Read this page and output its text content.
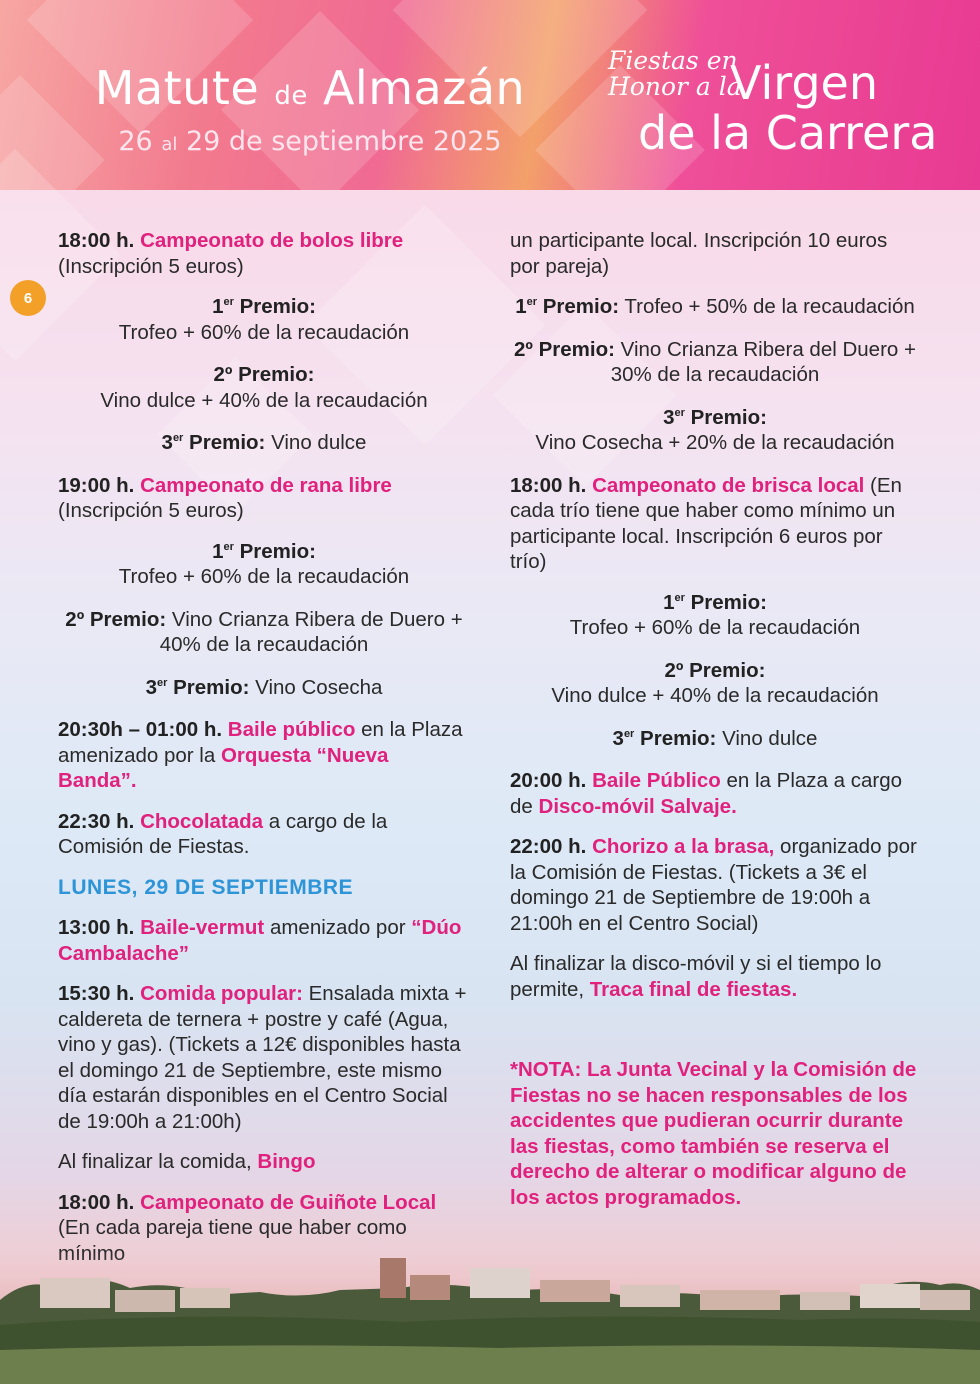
Matute de Almazán
26 al 29 de septiembre 2025
Fiestas en
Honor a la
Virgen
de la Carrera
6

18:00 h. Campeonato de bolos libre
(Inscripción 5 euros)

1er Premio:
Trofeo + 60% de la recaudación

2º Premio:
Vino dulce + 40% de la recaudación

3er Premio: Vino dulce

19:00 h. Campeonato de rana libre
(Inscripción 5 euros)

1er Premio:
Trofeo + 60% de la recaudación

2º Premio: Vino Crianza Ribera de Duero + 40% de la recaudación

3er Premio: Vino Cosecha

20:30h – 01:00 h. Baile público en la Plaza amenizado por la Orquesta “Nueva Banda”.

22:30 h. Chocolatada a cargo de la Comisión de Fiestas.

LUNES, 29 DE SEPTIEMBRE

13:00 h. Baile-vermut amenizado por “Dúo Cambalache”

15:30 h. Comida popular: Ensalada mixta + caldereta de ternera + postre y café (Agua, vino y gas). (Tickets a 12€ disponibles hasta el domingo 21 de Septiembre, este mismo día estarán disponibles en el Centro Social de 19:00h a 21:00h)

Al finalizar la comida, Bingo

18:00 h. Campeonato de Guiñote Local (En cada pareja tiene que haber como

un participante local. Inscripción 10 euros por pareja)

1er Premio: Trofeo + 50% de la recaudación

2º Premio: Vino Crianza Ribera del Duero + 30% de la recaudación

3er Premio:
Vino Cosecha + 20% de la recaudación

18:00 h. Campeonato de brisca local (En cada trío tiene que haber como mínimo un participante local. Inscripción 6 euros por trío)

1er Premio:
Trofeo + 60% de la recaudación

2º Premio:
Vino dulce + 40% de la recaudación

3er Premio: Vino dulce

20:00 h. Baile Público en la Plaza a cargo de Disco-móvil Salvaje.

22:00 h. Chorizo a la brasa, organizado por la Comisión de Fiestas. (Tickets a 3€ el domingo 21 de Septiembre de 19:00h a 21:00h en el Centro Social)

Al finalizar la disco-móvil y si el tiempo lo permite, Traca final de fiestas.

*NOTA: La Junta Vecinal y la Comisión de Fiestas no se hacen responsables de los accidentes que pudieran ocurrir durante las fiestas, como también se reserva el derecho de alterar o modificar alguno de los actos programados.
